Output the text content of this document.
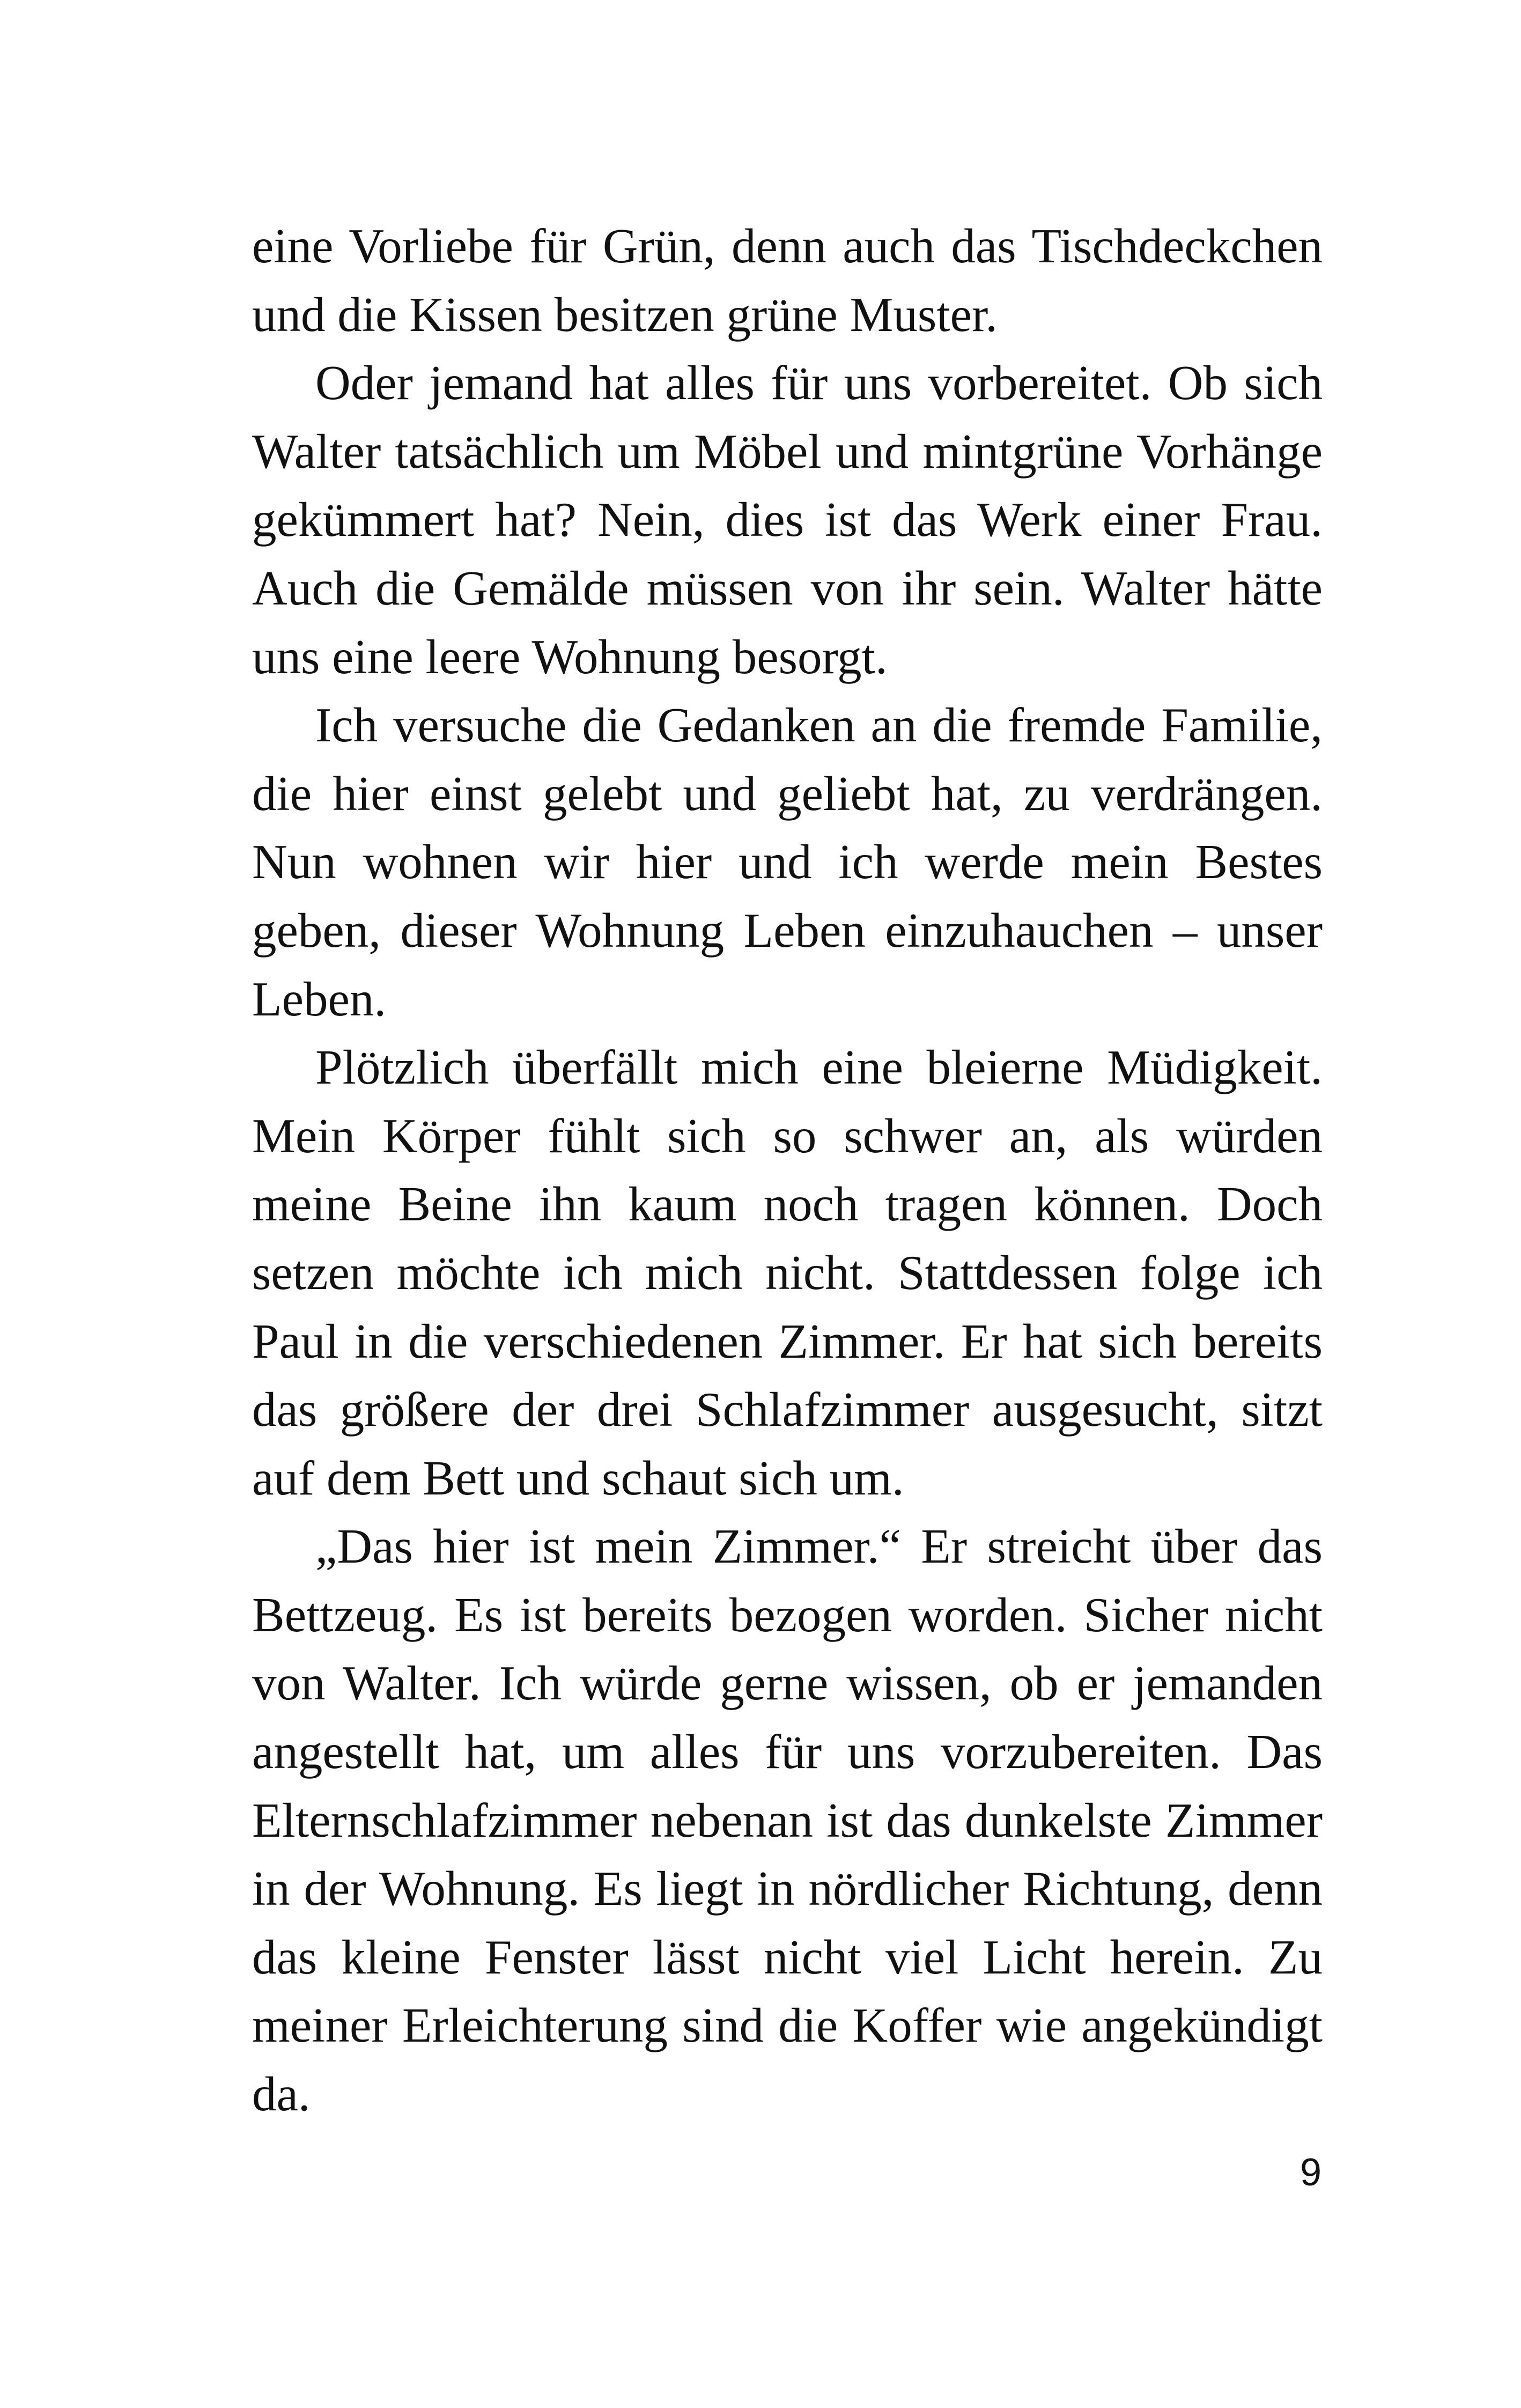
eine Vorliebe für Grün, denn auch das Tischdeckchen und die Kissen besitzen grüne Muster.

Oder jemand hat alles für uns vorbereitet. Ob sich Walter tatsächlich um Möbel und mintgrüne Vorhänge gekümmert hat? Nein, dies ist das Werk einer Frau. Auch die Gemälde müssen von ihr sein. Walter hätte uns eine leere Wohnung besorgt.

Ich versuche die Gedanken an die fremde Familie, die hier einst gelebt und geliebt hat, zu verdrängen. Nun wohnen wir hier und ich werde mein Bestes geben, dieser Wohnung Leben einzuhauchen – unser Leben.

Plötzlich überfällt mich eine bleierne Müdigkeit. Mein Körper fühlt sich so schwer an, als würden meine Beine ihn kaum noch tragen können. Doch setzen möchte ich mich nicht. Stattdessen folge ich Paul in die verschiedenen Zimmer. Er hat sich bereits das größere der drei Schlafzimmer ausgesucht, sitzt auf dem Bett und schaut sich um.

„Das hier ist mein Zimmer.“ Er streicht über das Bettzeug. Es ist bereits bezogen worden. Sicher nicht von Walter. Ich würde gerne wissen, ob er jemanden angestellt hat, um alles für uns vorzubereiten. Das Elternschlafzimmer nebenan ist das dunkelste Zimmer in der Wohnung. Es liegt in nördlicher Richtung, denn das kleine Fenster lässt nicht viel Licht herein. Zu meiner Erleichterung sind die Koffer wie angekündigt da.

9
